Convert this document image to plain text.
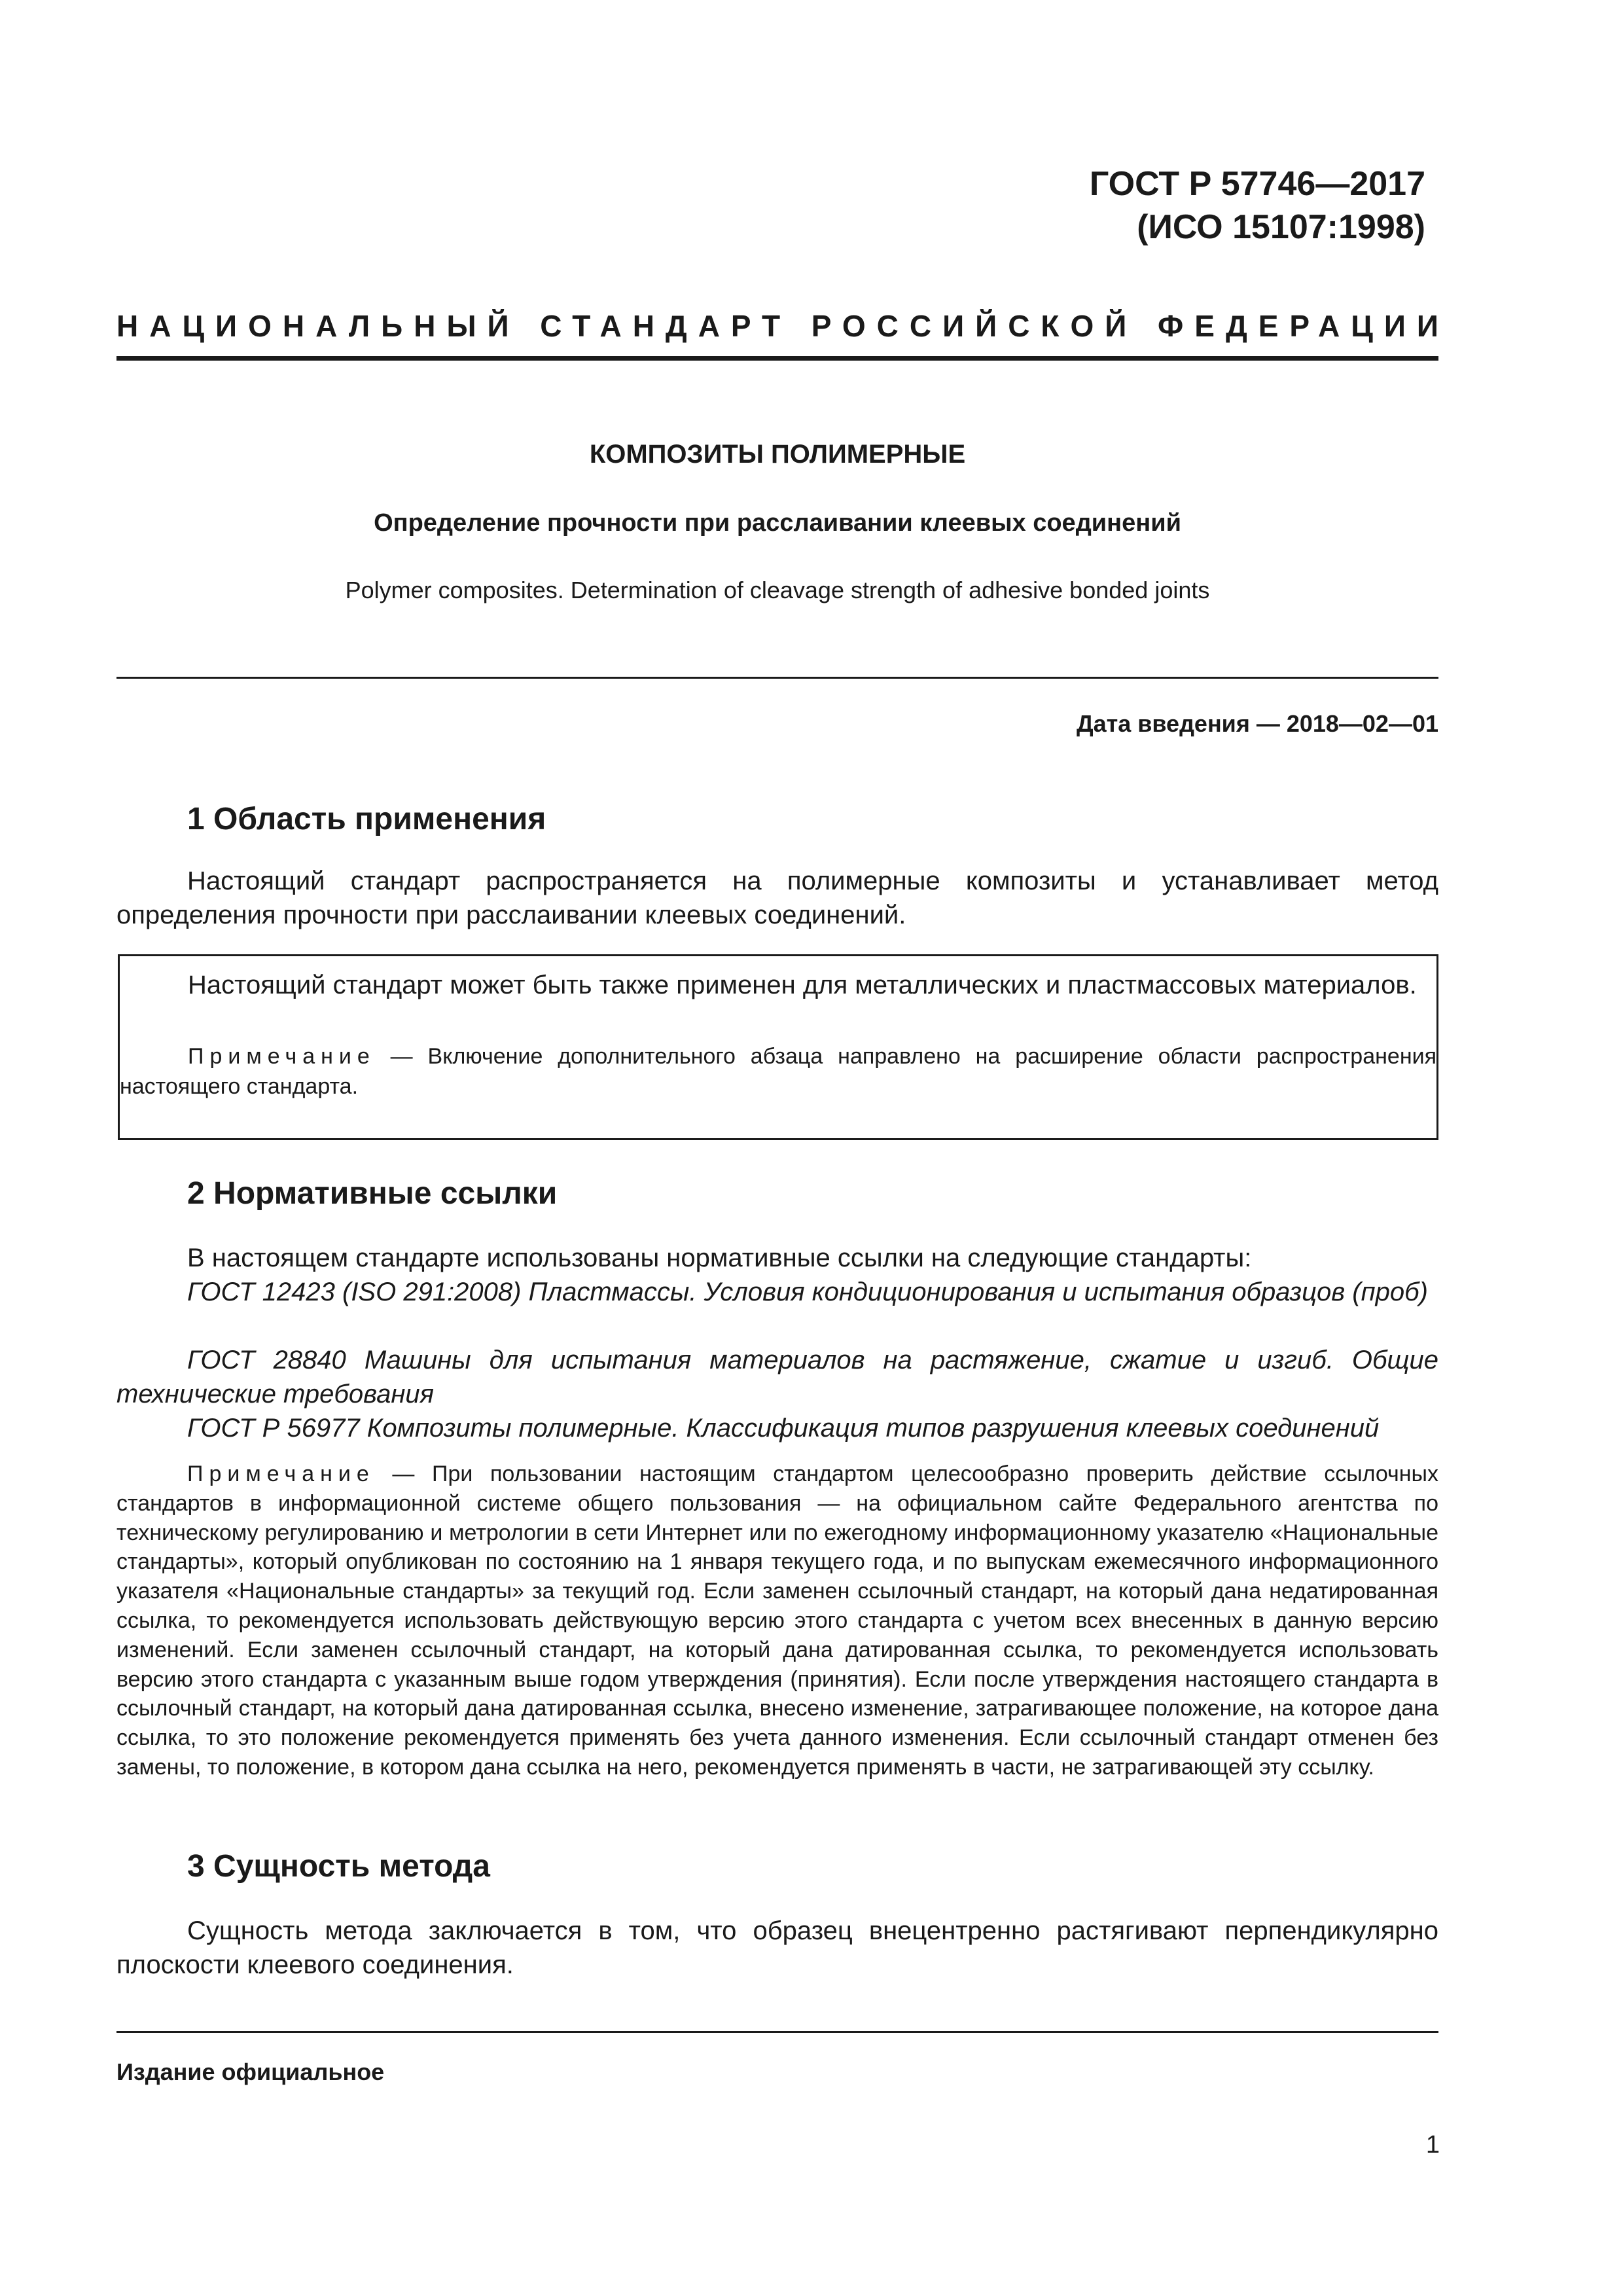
ГОСТ Р 57746—2017
(ИСО 15107:1998)
НАЦИОНАЛЬНЫЙ СТАНДАРТ РОССИЙСКОЙ ФЕДЕРАЦИИ
КОМПОЗИТЫ ПОЛИМЕРНЫЕ
Определение прочности при расслаивании клеевых соединений
Polymer composites. Determination of cleavage strength of adhesive bonded joints
Дата введения — 2018—02—01
1 Область применения
Настоящий стандарт распространяется на полимерные композиты и устанавливает метод определения прочности при расслаивании клеевых соединений.
Настоящий стандарт может быть также применен для металлических и пластмассовых материалов.
Примечание — Включение дополнительного абзаца направлено на расширение области распространения настоящего стандарта.
2 Нормативные ссылки
В настоящем стандарте использованы нормативные ссылки на следующие стандарты:
ГОСТ 12423 (ISO 291:2008) Пластмассы. Условия кондиционирования и испытания образцов (проб)
ГОСТ 28840 Машины для испытания материалов на растяжение, сжатие и изгиб. Общие технические требования
ГОСТ Р 56977 Композиты полимерные. Классификация типов разрушения клеевых соединений
Примечание — При пользовании настоящим стандартом целесообразно проверить действие ссылочных стандартов в информационной системе общего пользования — на официальном сайте Федерального агентства по техническому регулированию и метрологии в сети Интернет или по ежегодному информационному указателю «Национальные стандарты», который опубликован по состоянию на 1 января текущего года, и по выпускам ежемесячного информационного указателя «Национальные стандарты» за текущий год. Если заменен ссылочный стандарт, на который дана недатированная ссылка, то рекомендуется использовать действующую версию этого стандарта с учетом всех внесенных в данную версию изменений. Если заменен ссылочный стандарт, на который дана датированная ссылка, то рекомендуется использовать версию этого стандарта с указанным выше годом утверждения (принятия). Если после утверждения настоящего стандарта в ссылочный стандарт, на который дана датированная ссылка, внесено изменение, затрагивающее положение, на которое дана ссылка, то это положение рекомендуется применять без учета данного изменения. Если ссылочный стандарт отменен без замены, то положение, в котором дана ссылка на него, рекомендуется применять в части, не затрагивающей эту ссылку.
3 Сущность метода
Сущность метода заключается в том, что образец внецентренно растягивают перпендикулярно плоскости клеевого соединения.
Издание официальное
1
